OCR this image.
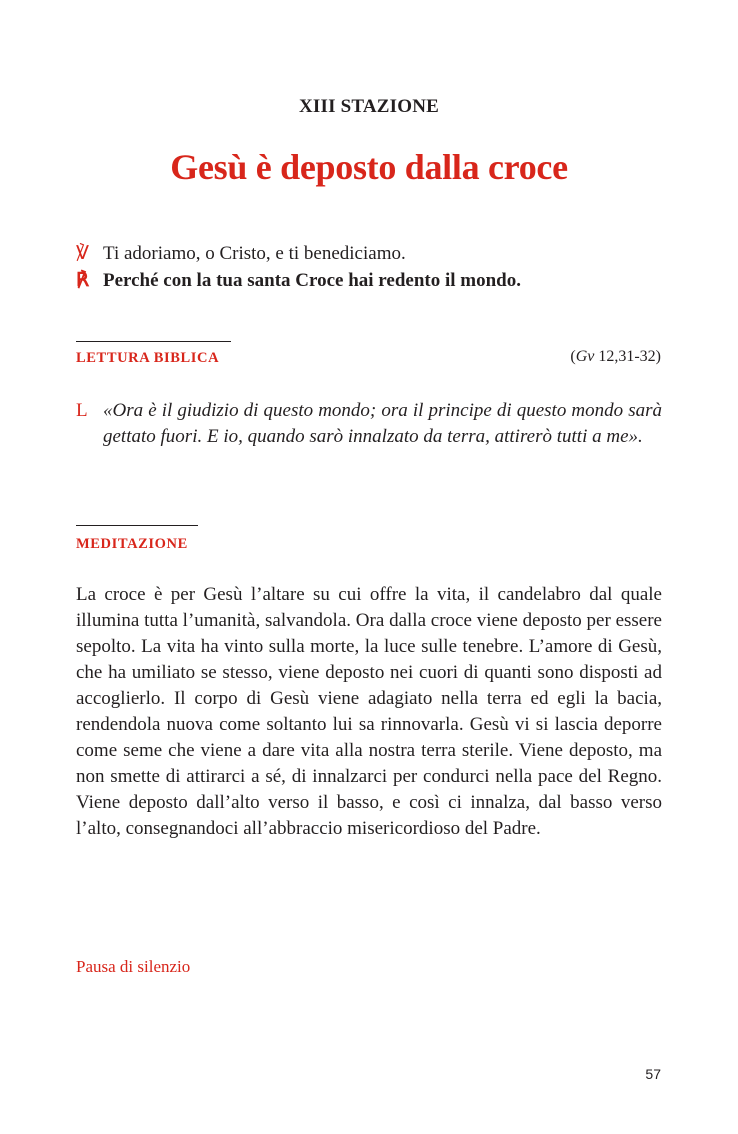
XIII STAZIONE
Gesù è deposto dalla croce
℣ Ti adoriamo, o Cristo, e ti benediciamo.
℟ Perché con la tua santa Croce hai redento il mondo.
LETTURA BIBLICA	(Gv 12,31-32)
L «Ora è il giudizio di questo mondo; ora il principe di questo mondo sarà gettato fuori. E io, quando sarò innalzato da terra, attirerò tutti a me».
MEDITAZIONE
La croce è per Gesù l’altare su cui offre la vita, il candelabro dal quale illumina tutta l’umanità, salvandola. Ora dalla croce viene deposto per essere sepolto. La vita ha vinto sulla morte, la luce sulle tenebre. L’amore di Gesù, che ha umiliato se stesso, viene deposto nei cuori di quanti sono disposti ad accoglierlo. Il corpo di Gesù viene adagiato nella terra ed egli la bacia, rendendola nuova come soltanto lui sa rinnovarla. Gesù vi si lascia deporre come seme che viene a dare vita alla nostra terra sterile. Viene deposto, ma non smette di attirarci a sé, di innalzarci per condurci nella pace del Regno. Viene deposto dall’alto verso il basso, e così ci innalza, dal basso verso l’alto, consegnandoci all’abbraccio misericordioso del Padre.
Pausa di silenzio
57
